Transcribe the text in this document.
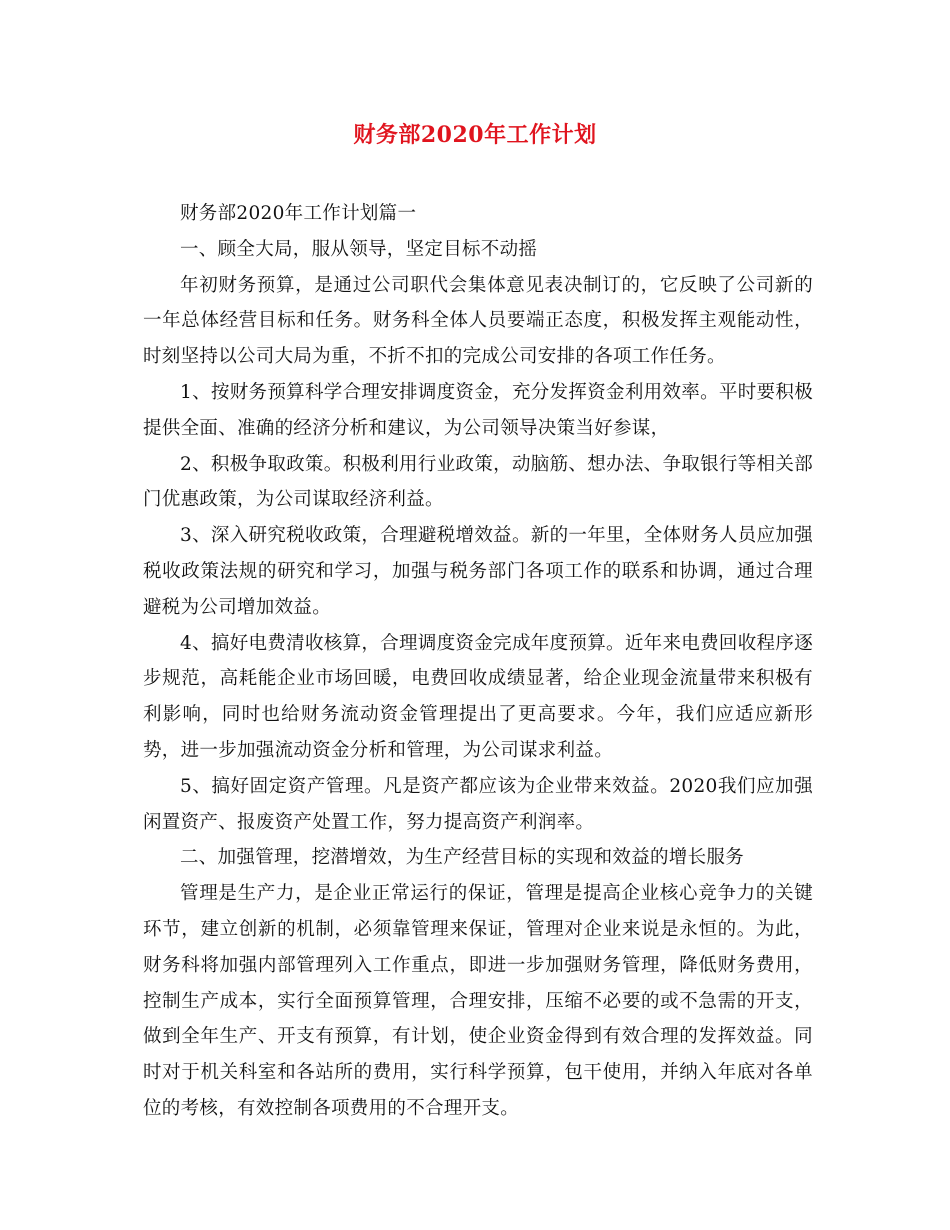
财务部2020年工作计划

财务部2020年工作计划篇一

一、顾全大局，服从领导，坚定目标不动摇

年初财务预算，是通过公司职代会集体意见表决制订的，它反映了公司新的一年总体经营目标和任务。财务科全体人员要端正态度，积极发挥主观能动性，时刻坚持以公司大局为重，不折不扣的完成公司安排的各项工作任务。

1、按财务预算科学合理安排调度资金，充分发挥资金利用效率。平时要积极提供全面、准确的经济分析和建议，为公司领导决策当好参谋，

2、积极争取政策。积极利用行业政策，动脑筋、想办法、争取银行等相关部门优惠政策，为公司谋取经济利益。

3、深入研究税收政策，合理避税增效益。新的一年里，全体财务人员应加强税收政策法规的研究和学习，加强与税务部门各项工作的联系和协调，通过合理避税为公司增加效益。

4、搞好电费清收核算，合理调度资金完成年度预算。近年来电费回收程序逐步规范，高耗能企业市场回暖，电费回收成绩显著，给企业现金流量带来积极有利影响，同时也给财务流动资金管理提出了更高要求。今年，我们应适应新形势，进一步加强流动资金分析和管理，为公司谋求利益。

5、搞好固定资产管理。凡是资产都应该为企业带来效益。2020我们应加强闲置资产、报废资产处置工作，努力提高资产利润率。

二、加强管理，挖潜增效，为生产经营目标的实现和效益的增长服务

管理是生产力，是企业正常运行的保证，管理是提高企业核心竞争力的关键环节，建立创新的机制，必须靠管理来保证，管理对企业来说是永恒的。为此，财务科将加强内部管理列入工作重点，即进一步加强财务管理，降低财务费用，控制生产成本，实行全面预算管理，合理安排，压缩不必要的或不急需的开支，做到全年生产、开支有预算，有计划，使企业资金得到有效合理的发挥效益。同时对于机关科室和各站所的费用，实行科学预算，包干使用，并纳入年底对各单位的考核，有效控制各项费用的不合理开支。
